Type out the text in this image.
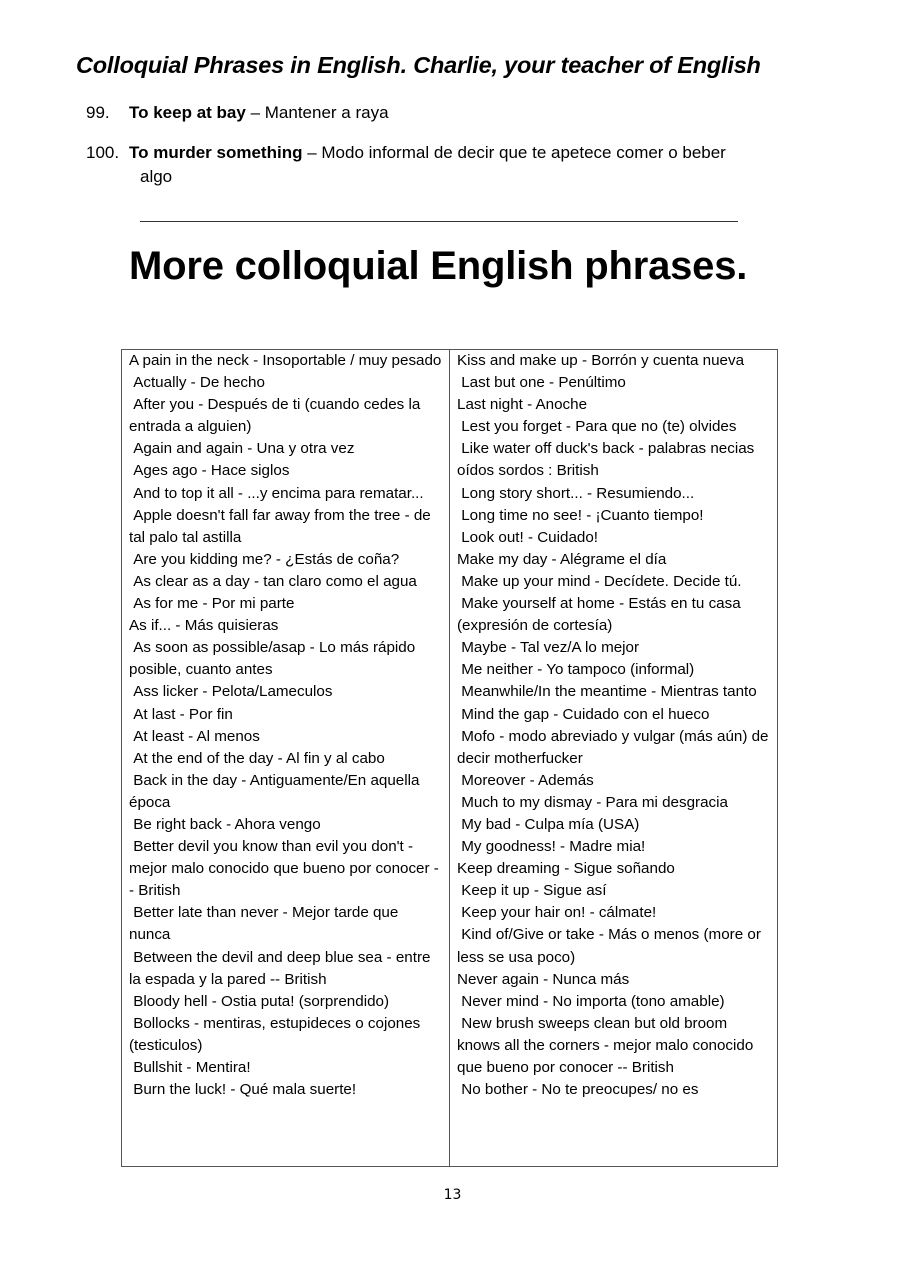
Colloquial Phrases in English. Charlie, your teacher of English
99. To keep at bay – Mantener a raya
100. To murder something – Modo informal de decir que te apetece comer o beber
algo
More colloquial English phrases.
A pain in the neck - Insoportable / muy pesado
Actually - De hecho
After you - Después de ti (cuando cedes la entrada a alguien)
Again and again - Una y otra vez
Ages ago - Hace siglos
And to top it all - ...y encima para rematar...
Apple doesn't fall far away from the tree - de tal palo tal astilla
Are you kidding me? - ¿Estás de coña?
As clear as a day - tan claro como el agua
As for me - Por mi parte
As if... - Más quisieras
As soon as possible/asap - Lo más rápido posible, cuanto antes
Ass licker - Pelota/Lameculos
At last - Por fin
At least - Al menos
At the end of the day - Al fin y al cabo
Back in the day - Antiguamente/En aquella época
Be right back - Ahora vengo
Better devil you know than evil you don't - mejor malo conocido que bueno por conocer -- British
Better late than never - Mejor tarde que nunca
Between the devil and deep blue sea - entre la espada y la pared -- British
Bloody hell - Ostia puta! (sorprendido)
Bollocks - mentiras, estupideces o cojones (testiculos)
Bullshit - Mentira!
Burn the luck! - Qué mala suerte!
Kiss and make up - Borrón y cuenta nueva
Last but one - Penúltimo
Last night - Anoche
Lest you forget - Para que no (te) olvides
Like water off duck's back - palabras necias oídos sordos : British
Long story short... - Resumiendo...
Long time no see! - ¡Cuanto tiempo!
Look out! - Cuidado!
Make my day - Alégrame el día
Make up your mind - Decídete. Decide tú.
Make yourself at home - Estás en tu casa (expresión de cortesía)
Maybe - Tal vez/A lo mejor
Me neither - Yo tampoco (informal)
Meanwhile/In the meantime - Mientras tanto
Mind the gap - Cuidado con el hueco
Mofo - modo abreviado y vulgar (más aún) de decir motherfucker
Moreover - Además
Much to my dismay - Para mi desgracia
My bad - Culpa mía (USA)
My goodness! - Madre mia!
Keep dreaming - Sigue soñando
Keep it up - Sigue así
Keep your hair on! - cálmate!
Kind of/Give or take - Más o menos (more or less se usa poco)
Never again - Nunca más
Never mind - No importa (tono amable)
New brush sweeps clean but old broom knows all the corners - mejor malo conocido que bueno por conocer -- British
No bother - No te preocupes/ no es
13
